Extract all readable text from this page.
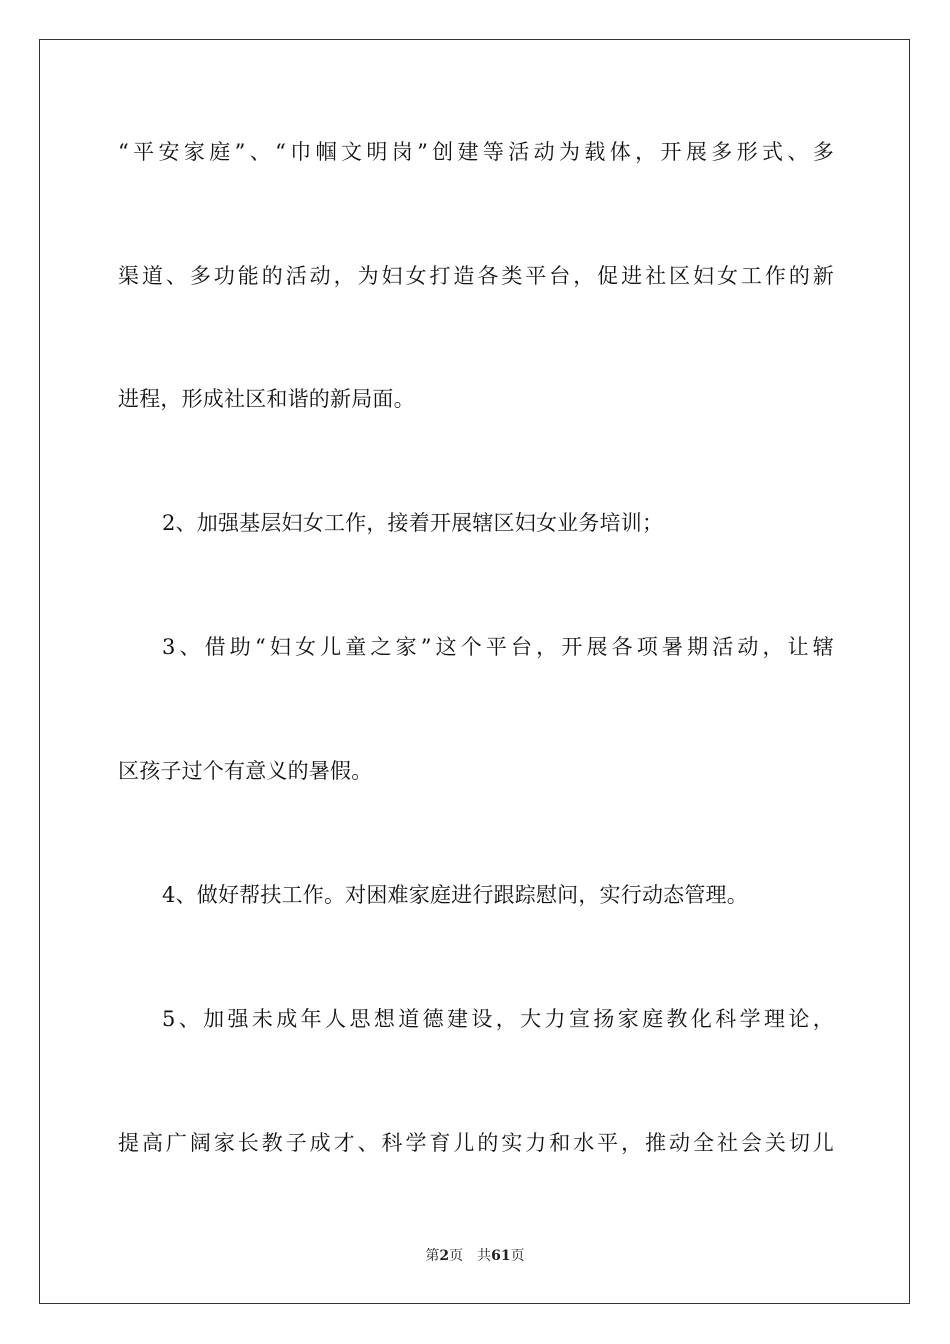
“平安家庭”、“巾帼文明岗”创建等活动为载体，开展多形式、多
渠道、多功能的活动，为妇女打造各类平台，促进社区妇女工作的新
进程，形成社区和谐的新局面。
2、加强基层妇女工作，接着开展辖区妇女业务培训；
3、借助“妇女儿童之家”这个平台，开展各项暑期活动，让辖
区孩子过个有意义的暑假。
4、做好帮扶工作。对困难家庭进行跟踪慰问，实行动态管理。
5、加强未成年人思想道德建设，大力宣扬家庭教化科学理论，
提高广阔家长教子成才、科学育儿的实力和水平，推动全社会关切儿
第2页 共61页
